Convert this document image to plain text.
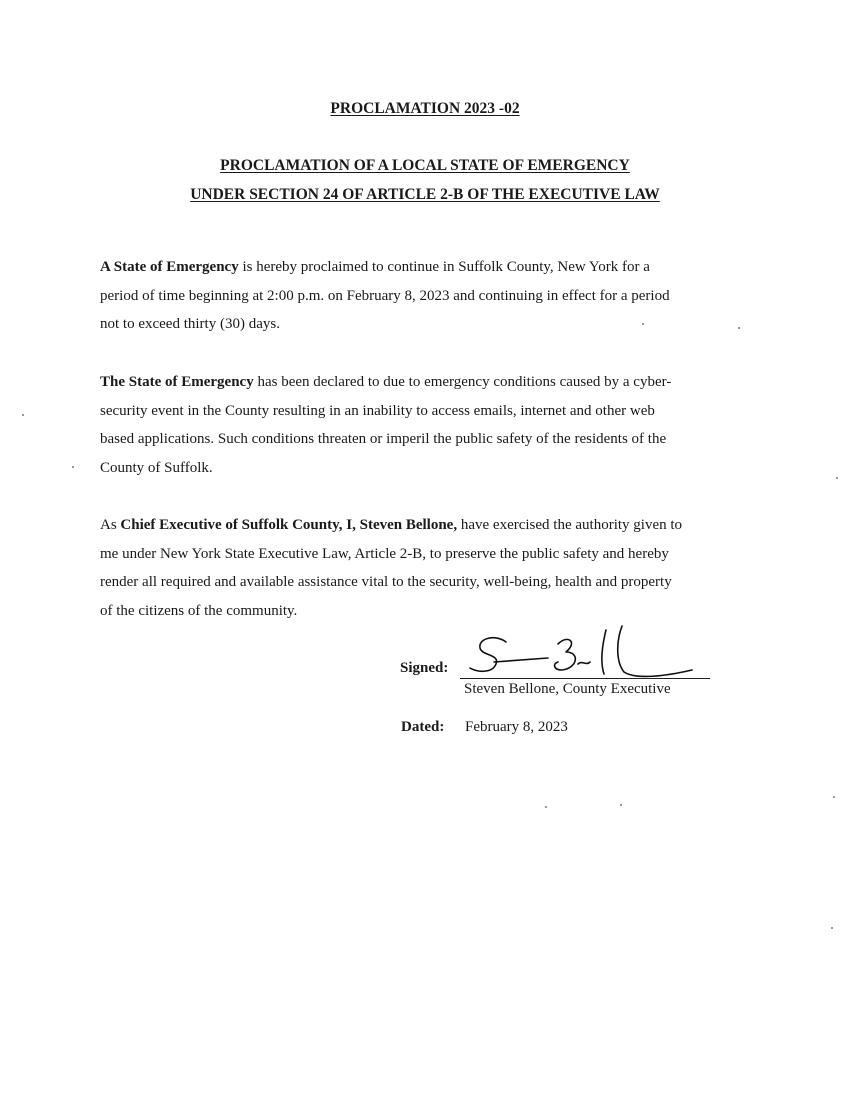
PROCLAMATION 2023 -02
PROCLAMATION OF A LOCAL STATE OF EMERGENCY
UNDER SECTION 24 OF ARTICLE 2-B OF THE EXECUTIVE LAW
A State of Emergency is hereby proclaimed to continue in Suffolk County, New York for a
period of time beginning at 2:00 p.m. on February 8, 2023 and continuing in effect for a period
not to exceed thirty (30) days.
The State of Emergency has been declared to due to emergency conditions caused by a cyber-
security event in the County resulting in an inability to access emails, internet and other web
based applications. Such conditions threaten or imperil the public safety of the residents of the
County of Suffolk.
As Chief Executive of Suffolk County, I, Steven Bellone, have exercised the authority given to
me under New York State Executive Law, Article 2-B, to preserve the public safety and hereby
render all required and available assistance vital to the security, well-being, health and property
of the citizens of the community.
Signed:
Steven Bellone, County Executive
Dated: February 8, 2023
